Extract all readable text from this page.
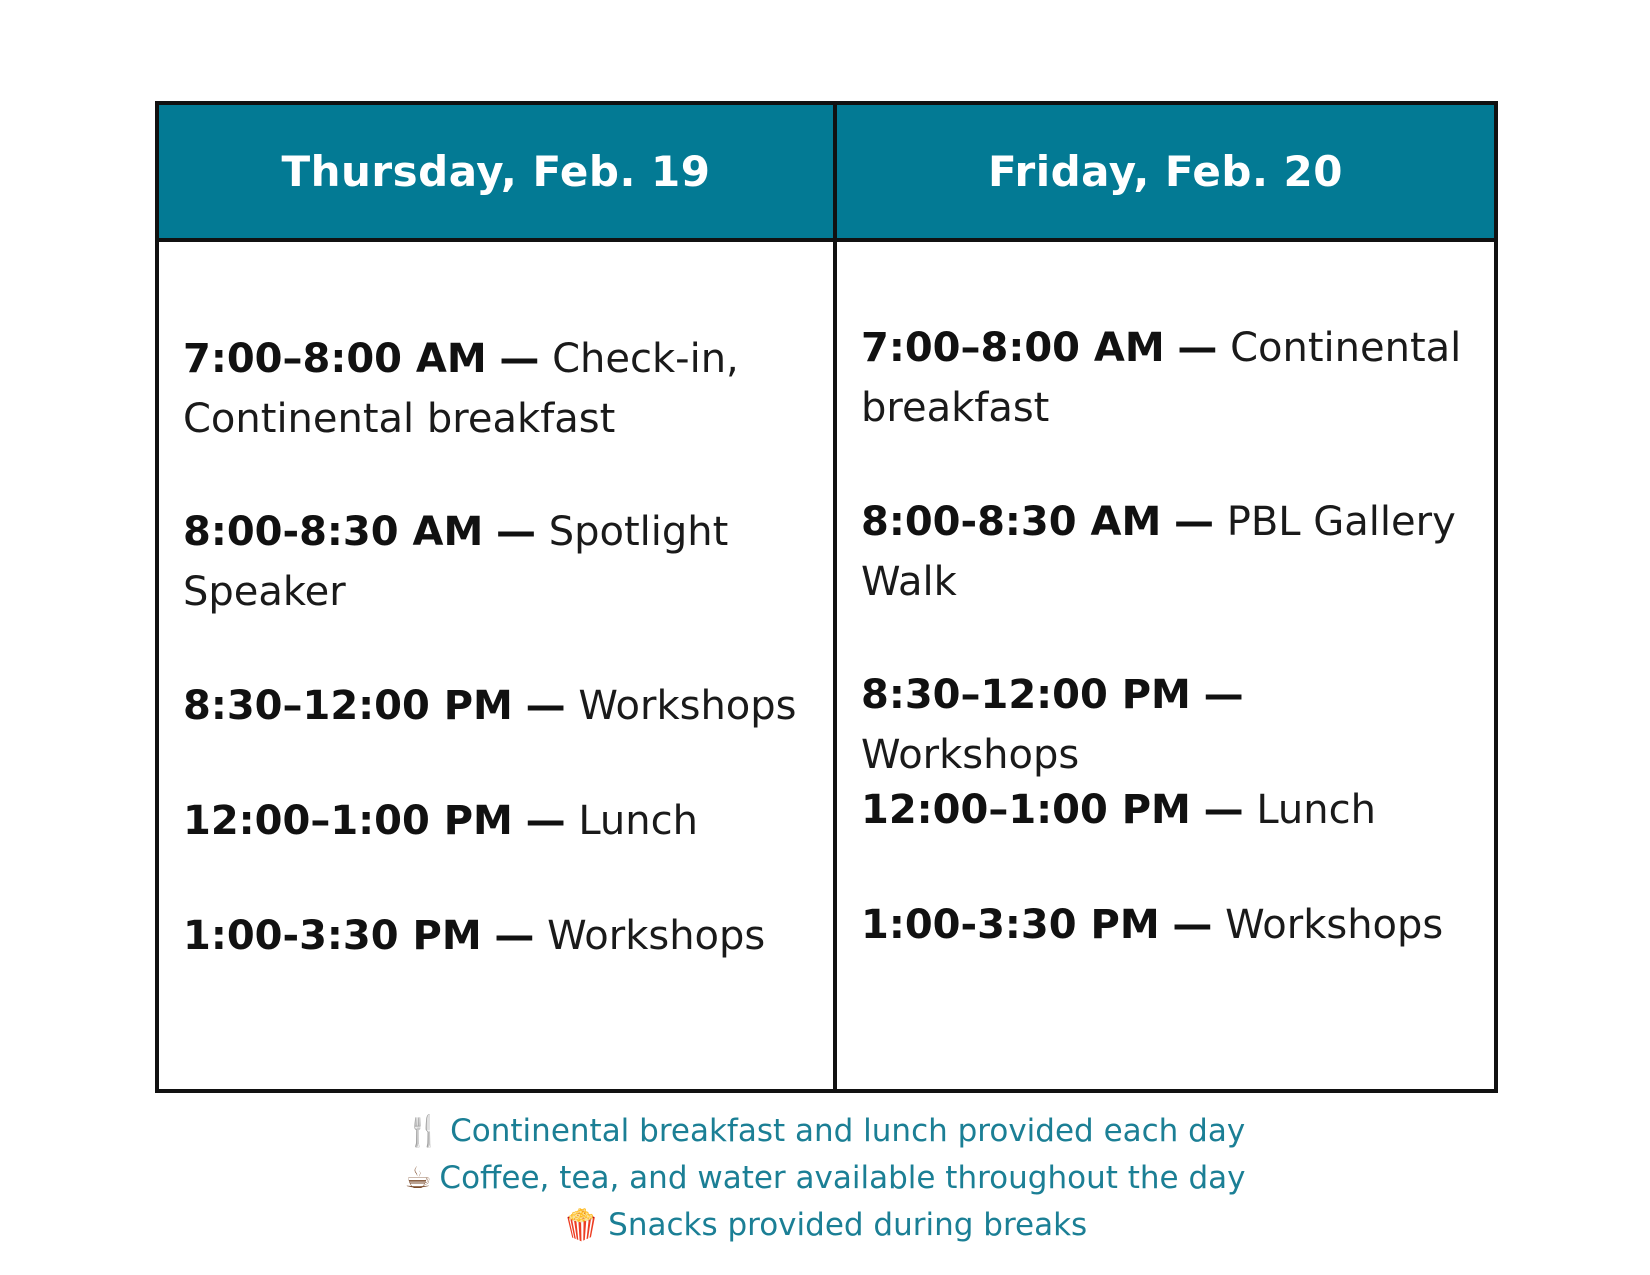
Thursday, Feb. 19	Friday, Feb. 20
7:00–8:00 AM — Check-in, Continental breakfast
8:00-8:30 AM — Spotlight Speaker
8:30–12:00 PM — Workshops
12:00–1:00 PM — Lunch
1:00-3:30 PM — Workshops
7:00–8:00 AM — Continental breakfast
8:00-8:30 AM — PBL Gallery Walk
8:30–12:00 PM — Workshops
12:00–1:00 PM — Lunch
1:00-3:30 PM — Workshops
🍴 Continental breakfast and lunch provided each day
☕ Coffee, tea, and water available throughout the day
🍿 Snacks provided during breaks
